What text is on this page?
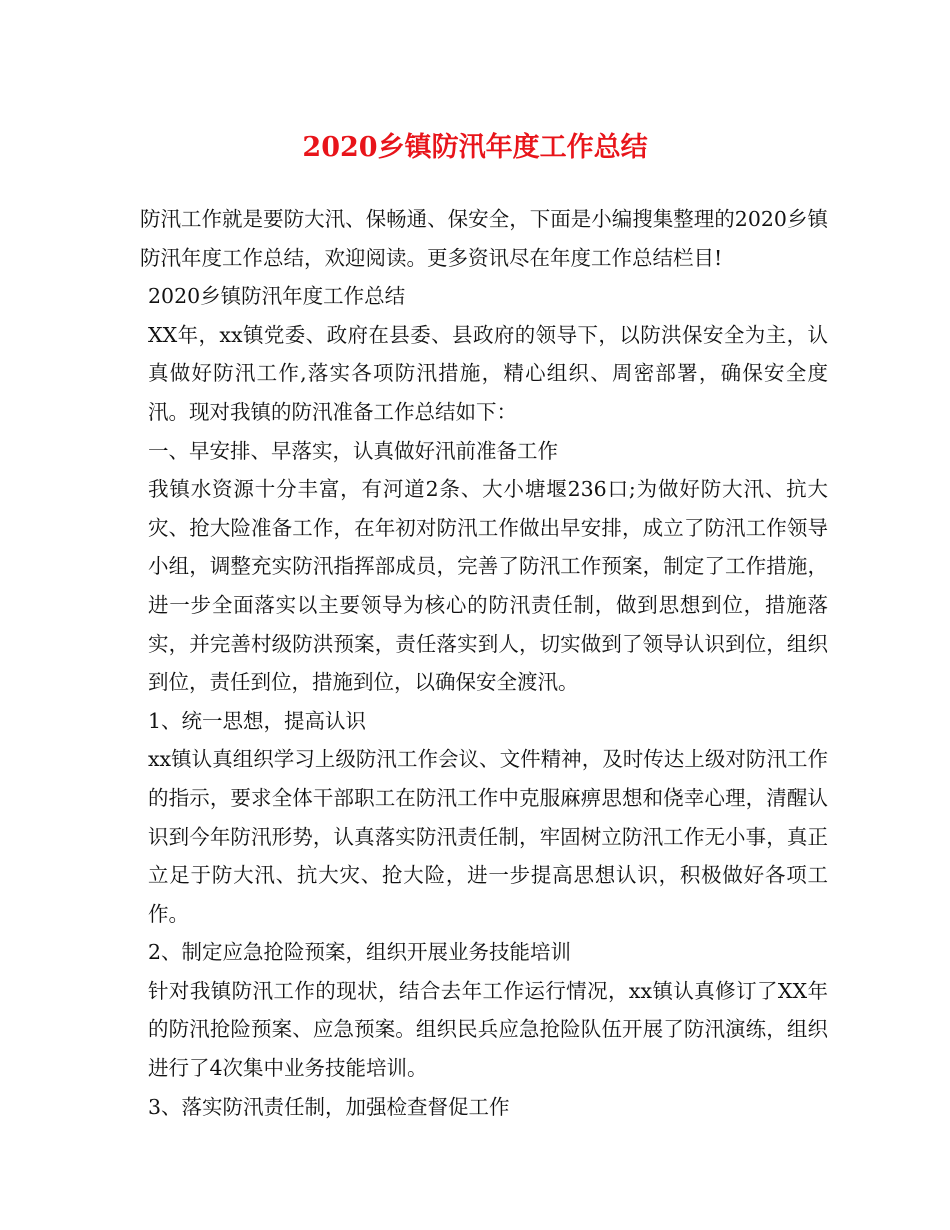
2020乡镇防汛年度工作总结

防汛工作就是要防大汛、保畅通、保安全，下面是小编搜集整理的2020乡镇防汛年度工作总结，欢迎阅读。更多资讯尽在年度工作总结栏目!

2020乡镇防汛年度工作总结

XX年，xx镇党委、政府在县委、县政府的领导下，以防洪保安全为主，认真做好防汛工作,落实各项防汛措施，精心组织、周密部署，确保安全度汛。现对我镇的防汛准备工作总结如下：

一、早安排、早落实，认真做好汛前准备工作

我镇水资源十分丰富，有河道2条、大小塘堰236口;为做好防大汛、抗大灾、抢大险准备工作，在年初对防汛工作做出早安排，成立了防汛工作领导小组，调整充实防汛指挥部成员，完善了防汛工作预案，制定了工作措施，进一步全面落实以主要领导为核心的防汛责任制，做到思想到位，措施落实，并完善村级防洪预案，责任落实到人，切实做到了领导认识到位，组织到位，责任到位，措施到位，以确保安全渡汛。

1、统一思想，提高认识

xx镇认真组织学习上级防汛工作会议、文件精神，及时传达上级对防汛工作的指示，要求全体干部职工在防汛工作中克服麻痹思想和侥幸心理，清醒认识到今年防汛形势，认真落实防汛责任制，牢固树立防汛工作无小事，真正立足于防大汛、抗大灾、抢大险，进一步提高思想认识，积极做好各项工作。

2、制定应急抢险预案，组织开展业务技能培训

针对我镇防汛工作的现状，结合去年工作运行情况，xx镇认真修订了XX年的防汛抢险预案、应急预案。组织民兵应急抢险队伍开展了防汛演练，组织进行了4次集中业务技能培训。

3、落实防汛责任制，加强检查督促工作
